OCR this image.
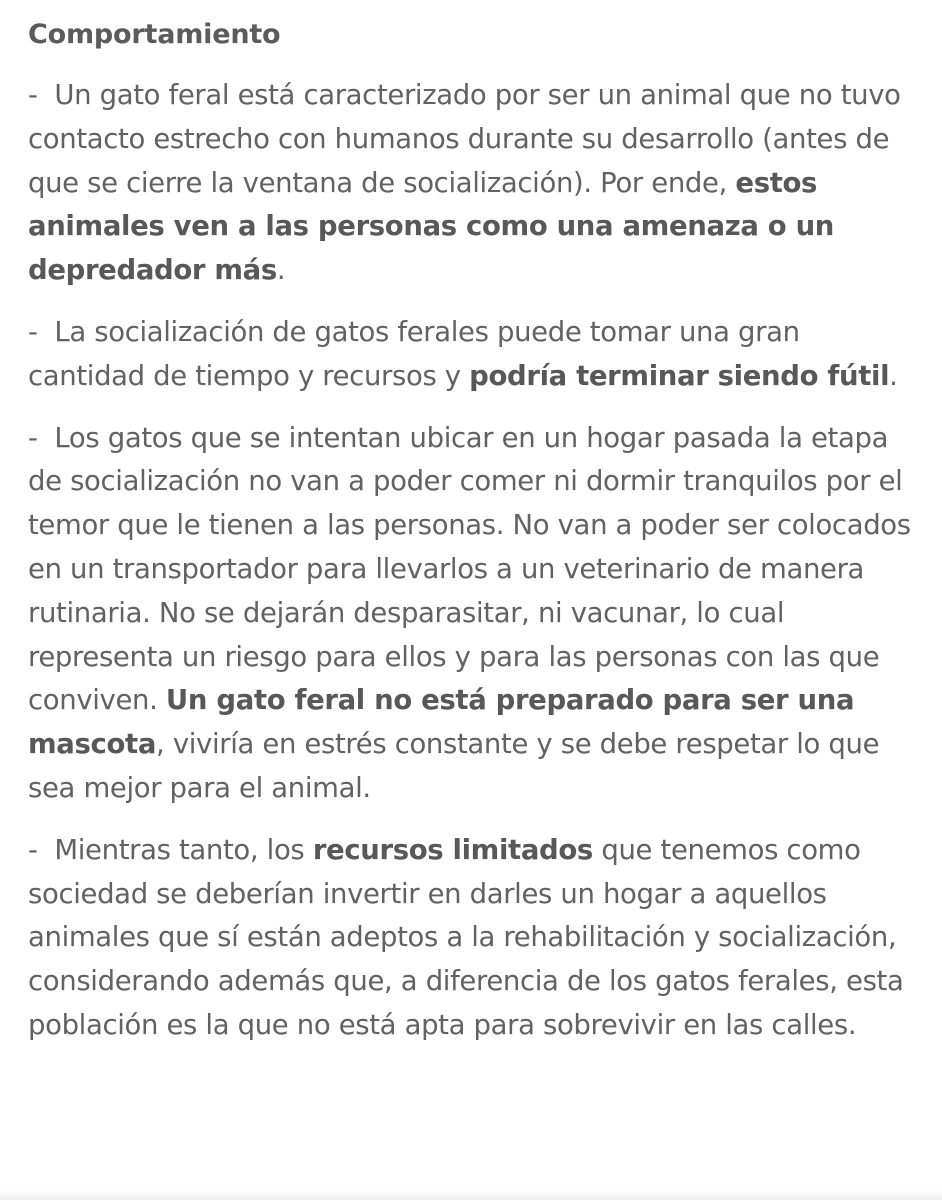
Comportamiento

- Un gato feral está caracterizado por ser un animal que no tuvo contacto estrecho con humanos durante su desarrollo (antes de que se cierre la ventana de socialización). Por ende, estos animales ven a las personas como una amenaza o un depredador más.

- La socialización de gatos ferales puede tomar una gran cantidad de tiempo y recursos y podría terminar siendo fútil.

- Los gatos que se intentan ubicar en un hogar pasada la etapa de socialización no van a poder comer ni dormir tranquilos por el temor que le tienen a las personas. No van a poder ser colocados en un transportador para llevarlos a un veterinario de manera rutinaria. No se dejarán desparasitar, ni vacunar, lo cual representa un riesgo para ellos y para las personas con las que conviven. Un gato feral no está preparado para ser una mascota, viviría en estrés constante y se debe respetar lo que sea mejor para el animal.

- Mientras tanto, los recursos limitados que tenemos como sociedad se deberían invertir en darles un hogar a aquellos animales que sí están adeptos a la rehabilitación y socialización, considerando además que, a diferencia de los gatos ferales, esta población es la que no está apta para sobrevivir en las calles.
